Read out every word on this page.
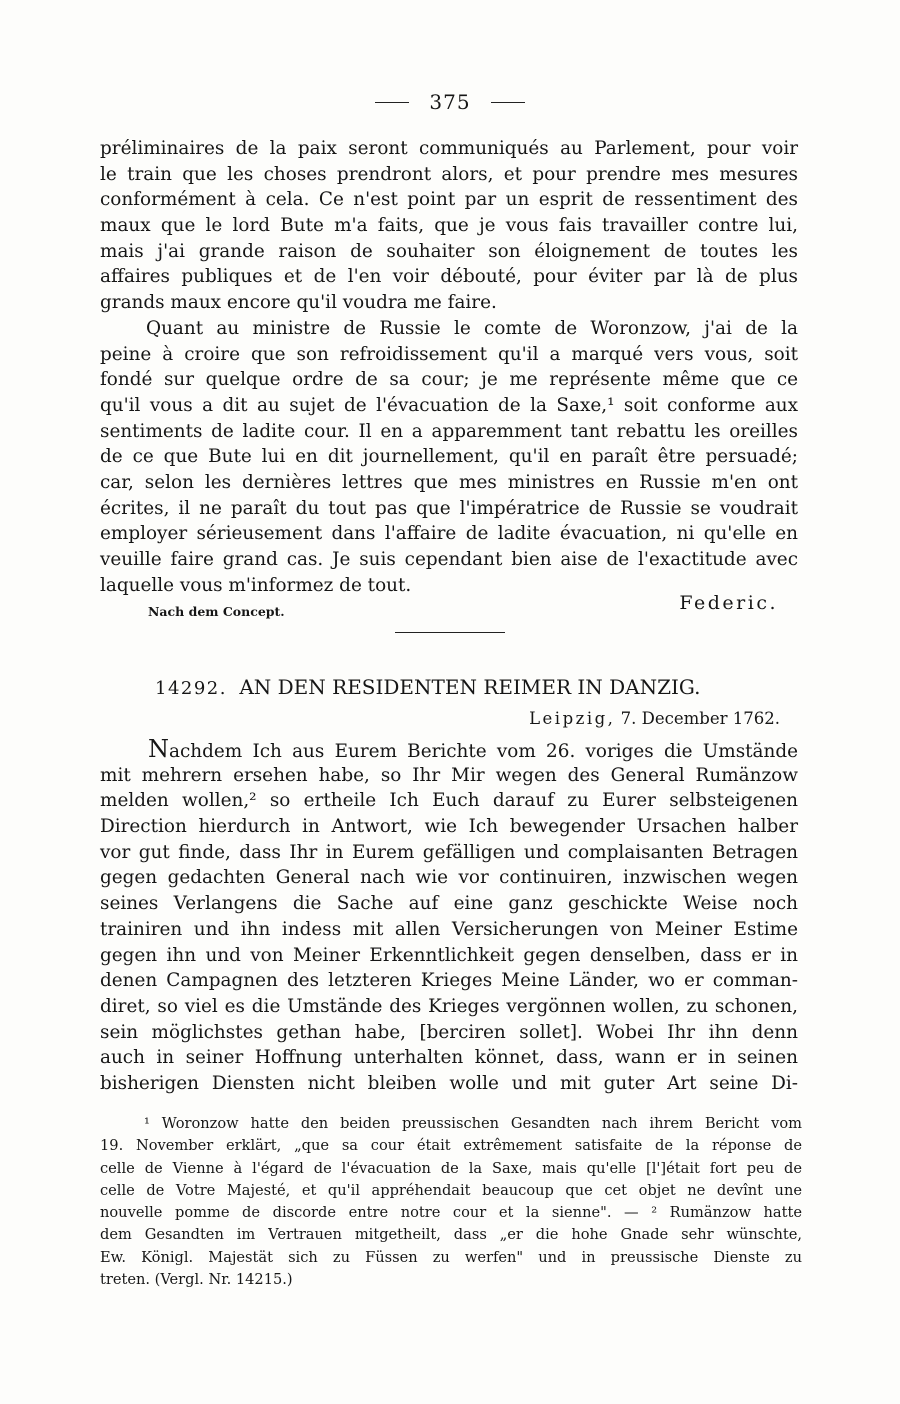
375
préliminaires de la paix seront communiqués au Parlement, pour voir
le train que les choses prendront alors, et pour prendre mes mesures
conformément à cela. Ce n'est point par un esprit de ressentiment des
maux que le lord Bute m'a faits, que je vous fais travailler contre lui,
mais j'ai grande raison de souhaiter son éloignement de toutes les
affaires publiques et de l'en voir débouté, pour éviter par là de plus
grands maux encore qu'il voudra me faire.
Quant au ministre de Russie le comte de Woronzow, j'ai de la
peine à croire que son refroidissement qu'il a marqué vers vous, soit
fondé sur quelque ordre de sa cour; je me représente même que ce
qu'il vous a dit au sujet de l'évacuation de la Saxe,¹ soit conforme aux
sentiments de ladite cour. Il en a apparemment tant rebattu les oreilles
de ce que Bute lui en dit journellement, qu'il en paraît être persuadé;
car, selon les dernières lettres que mes ministres en Russie m'en ont
écrites, il ne paraît du tout pas que l'impératrice de Russie se voudrait
employer sérieusement dans l'affaire de ladite évacuation, ni qu'elle en
veuille faire grand cas. Je suis cependant bien aise de l'exactitude avec
laquelle vous m'informez de tout.
Nach dem Concept.	Federic.
14292. AN DEN RESIDENTEN REIMER IN DANZIG.
Leipzig, 7. December 1762.
Nachdem Ich aus Eurem Berichte vom 26. voriges die Umstände
mit mehrern ersehen habe, so Ihr Mir wegen des General Rumänzow
melden wollen,² so ertheile Ich Euch darauf zu Eurer selbsteigenen
Direction hierdurch in Antwort, wie Ich bewegender Ursachen halber
vor gut finde, dass Ihr in Eurem gefälligen und complaisanten Betragen
gegen gedachten General nach wie vor continuiren, inzwischen wegen
seines Verlangens die Sache auf eine ganz geschickte Weise noch
trainiren und ihn indess mit allen Versicherungen von Meiner Estime
gegen ihn und von Meiner Erkenntlichkeit gegen denselben, dass er in
denen Campagnen des letzteren Krieges Meine Länder, wo er comman-
diret, so viel es die Umstände des Krieges vergönnen wollen, zu schonen,
sein möglichstes gethan habe, [berciren sollet]. Wobei Ihr ihn denn
auch in seiner Hoffnung unterhalten könnet, dass, wann er in seinen
bisherigen Diensten nicht bleiben wolle und mit guter Art seine Di-
¹ Woronzow hatte den beiden preussischen Gesandten nach ihrem Bericht vom
19. November erklärt, „que sa cour était extrêmement satisfaite de la réponse de
celle de Vienne à l'égard de l'évacuation de la Saxe, mais qu'elle [l']était fort peu de
celle de Votre Majesté, et qu'il appréhendait beaucoup que cet objet ne devînt une
nouvelle pomme de discorde entre notre cour et la sienne". — ² Rumänzow hatte
dem Gesandten im Vertrauen mitgetheilt, dass „er die hohe Gnade sehr wünschte,
Ew. Königl. Majestät sich zu Füssen zu werfen" und in preussische Dienste zu
treten. (Vergl. Nr. 14215.)
